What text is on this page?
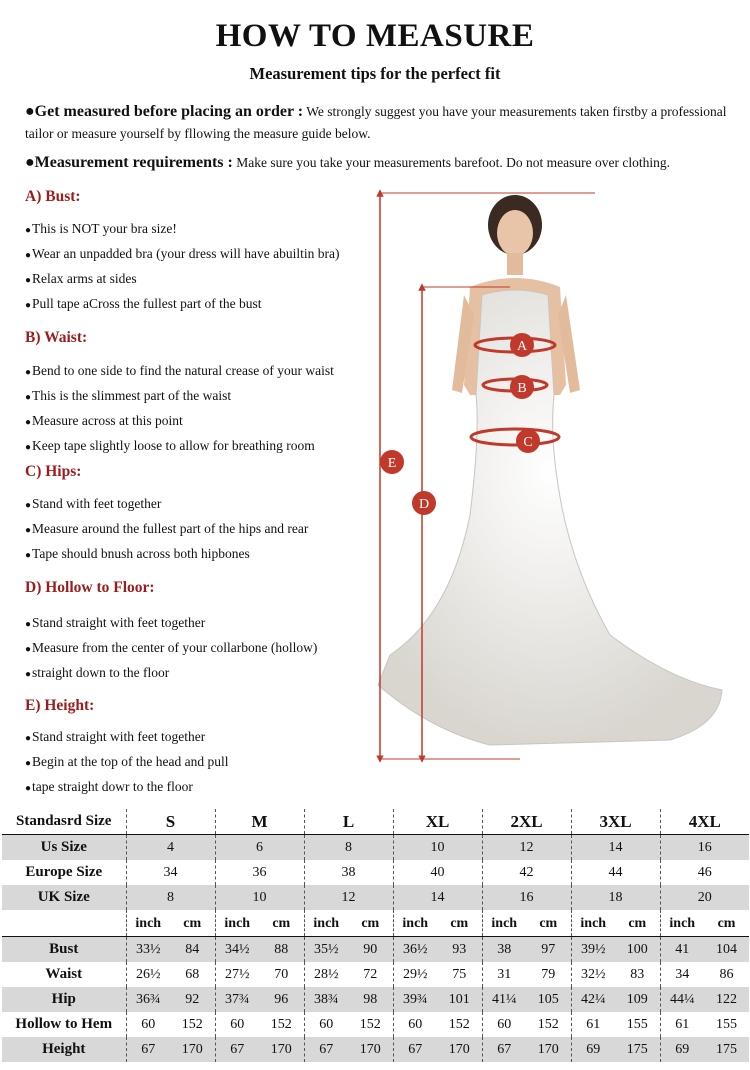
HOW TO MEASURE
Measurement tips for the perfect fit
●Get measured before placing an order : We strongly suggest you have your measurements taken firstby a professional tailor or measure yourself by fllowing the measure guide below.
●Measurement requirements : Make sure you take your measurements barefoot. Do not measure over clothing.
A) Bust:
● This is NOT your bra size!
● Wear an unpadded bra (your dress will have abuiltin bra)
● Relax arms at sides
● Pull tape aCross the fullest part of the bust
B) Waist:
● Bend to one side to find the natural crease of your waist
● This is the slimmest part of the waist
● Measure across at this point
● Keep tape slightly loose to allow for breathing room
C) Hips:
● Stand with feet together
● Measure around the fullest part of the hips and rear
● Tape should bnush across both hipbones
D) Hollow to Floor:
● Stand straight with feet together
● Measure from the center of your collarbone (hollow)
● straight down to the floor
E) Height:
● Stand straight with feet together
● Begin at the top of the head and pull
● tape straight dowr to the floor
A
B
C
D
E
Standasrd Size	S		M		L		XL		2XL		3XL		4XL	
Us Size	4		6		8		10		12		14		16	
Europe Size	34		36		38		40		42		44		46	
UK Size	8		10		12		14		16		18		20	
	inch	cm	inch	cm	inch	cm	inch	cm	inch	cm	inch	cm	inch	cm
Bust	33½	84	34½	88	35½	90	36½	93	38	97	39½	100	41	104
Waist	26½	68	27½	70	28½	72	29½	75	31	79	32½	83	34	86
Hip	36¾	92	37¾	96	38¾	98	39¾	101	41¼	105	42¼	109	44¼	122
Hollow to Hem	60	152	60	152	60	152	60	152	60	152	61	155	61	155
Height	67	170	67	170	67	170	67	170	67	170	69	175	69	175
